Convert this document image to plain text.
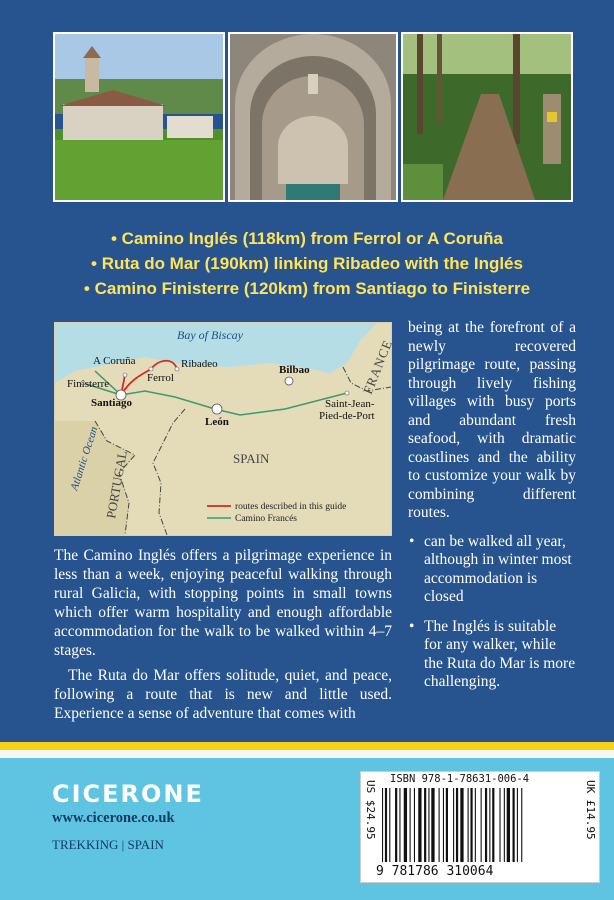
• Camino Inglés (118km) from Ferrol or A Coruña
• Ruta do Mar (190km) linking Ribadeo with the Inglés
• Camino Finisterre (120km) from Santiago to Finisterre
Bay of Biscay
Atlantic Ocean
A Coruña	Ribadeo
Ferrol
Finisterre
Santiago
Bilbao
León
Saint-Jean-
Pied-de-Port
FRANCE
SPAIN
PORTUGAL	routes described in this guide
Camino Francés

being at the forefront of a newly recovered pilgrimage route, passing through lively fishing villages with busy ports and abundant fresh seafood, with dramatic coastlines and the ability to customize your walk by combining different routes.

• can be walked all year, although in winter most accommodation is closed
• The Inglés is suitable for any walker, while the Ruta do Mar is more challenging.

The Camino Inglés offers a pilgrimage experience in less than a week, enjoying peaceful walking through rural Galicia, with stopping points in small towns which offer warm hospitality and enough affordable accommodation for the walk to be walked within 4–7 stages.

The Ruta do Mar offers solitude, quiet, and peace, following a route that is new and little used. Experience a sense of adventure that comes with

CICERONE
www.cicerone.co.uk
TREKKING | SPAIN
ISBN 978-1-78631-006-4
US $24.95	UK £14.95
9 781786 310064
